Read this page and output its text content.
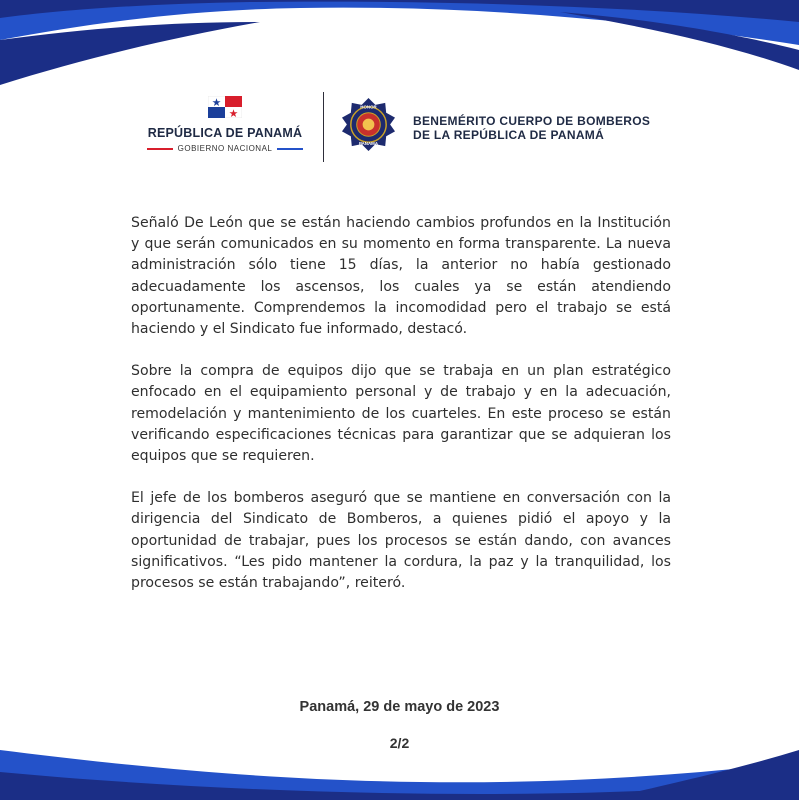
REPÚBLICA DE PANAMÁ
GOBIERNO NACIONAL
HONOR
PANAMA
BENEMÉRITO CUERPO DE BOMBEROS
DE LA REPÚBLICA DE PANAMÁ

Señaló De León que se están haciendo cambios profundos en la Institución y que serán comunicados en su momento en forma transparente. La nueva administración sólo tiene 15 días, la anterior no había gestionado adecuadamente los ascensos, los cuales ya se están atendiendo oportunamente. Comprendemos la incomodidad pero el trabajo se está haciendo y el Sindicato fue informado, destacó.

Sobre la compra de equipos dijo que se trabaja en un plan estratégico enfocado en el equipamiento personal y de trabajo y en la adecuación, remodelación y mantenimiento de los cuarteles. En este proceso se están verificando especificaciones técnicas para garantizar que se adquieran los equipos que se requieren.

El jefe de los bomberos aseguró que se mantiene en conversación con la dirigencia del Sindicato de Bomberos, a quienes pidió el apoyo y la oportunidad de trabajar, pues los procesos se están dando, con avances significativos. “Les pido mantener la cordura, la paz y la tranquilidad, los procesos se están trabajando”, reiteró.

Panamá, 29 de mayo de 2023
2/2
